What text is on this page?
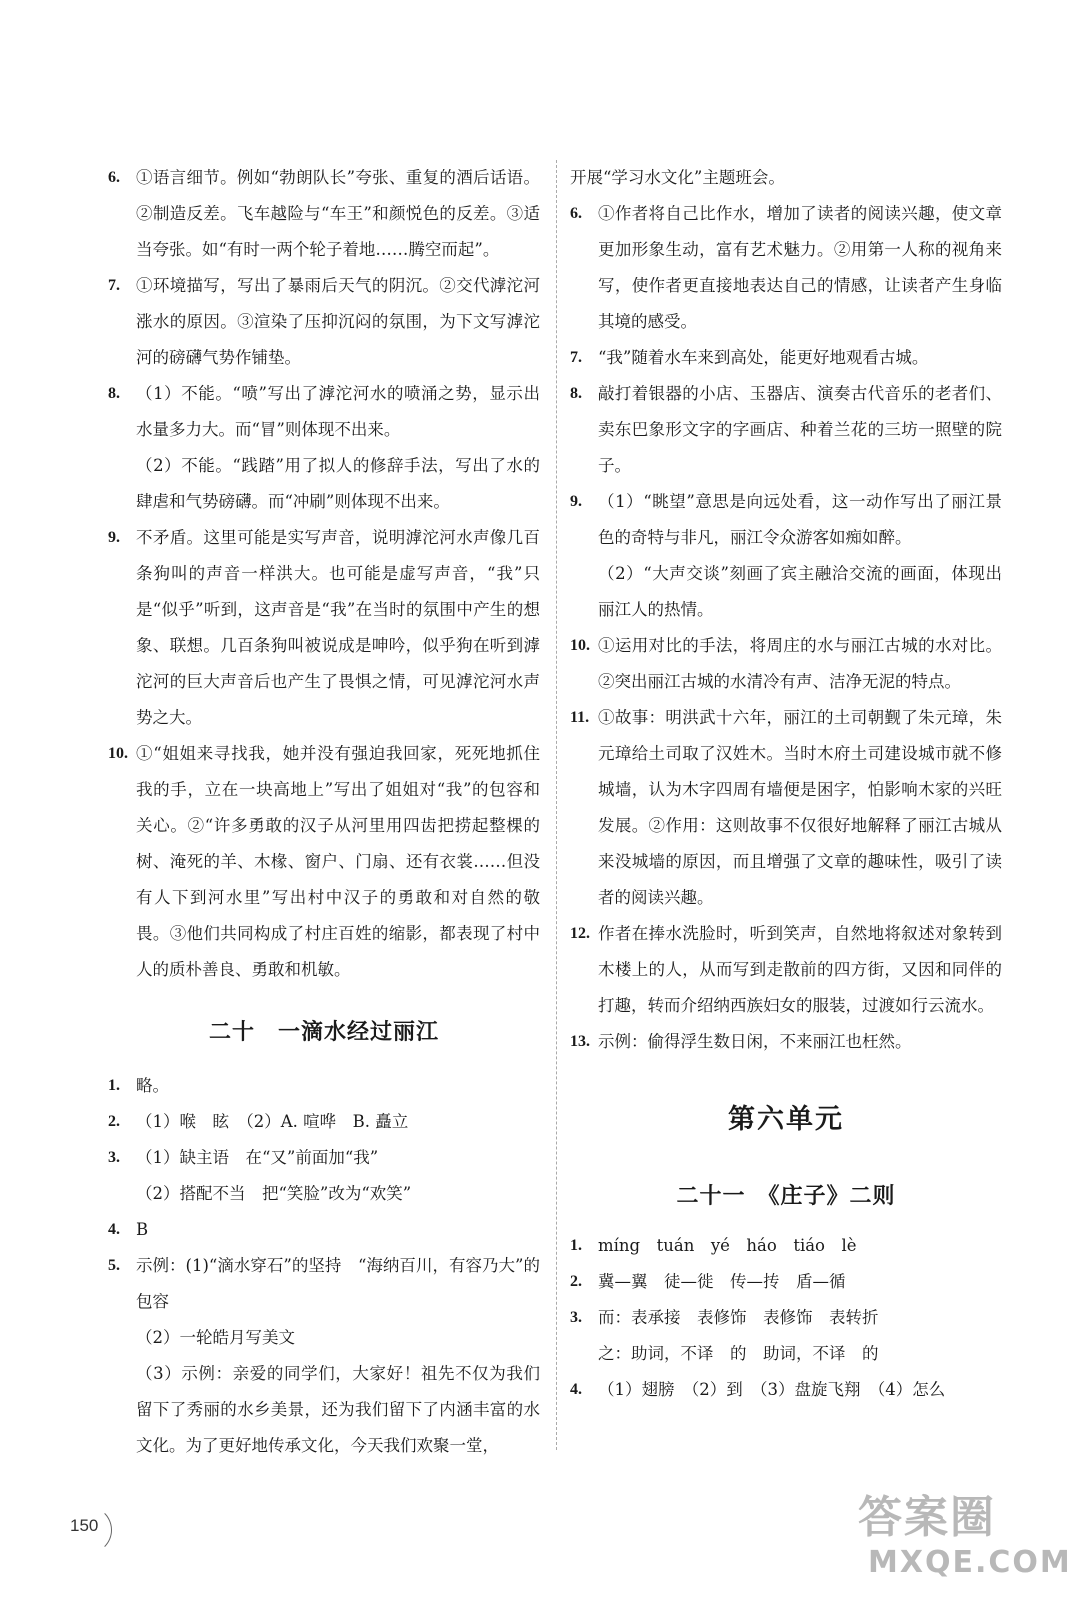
6. ①语言细节。例如“勃朗队长”夸张、重复的酒后话语。②制造反差。飞车越险与“车王”和颜悦色的反差。③适当夸张。如“有时一两个轮子着地……腾空而起”。
7. ①环境描写，写出了暴雨后天气的阴沉。②交代滹沱河涨水的原因。③渲染了压抑沉闷的氛围，为下文写滹沱河的磅礴气势作铺垫。
8. （1）不能。“喷”写出了滹沱河水的喷涌之势，显示出水量多力大。而“冒”则体现不出来。
（2）不能。“践踏”用了拟人的修辞手法，写出了水的肆虐和气势磅礴。而“冲刷”则体现不出来。
9. 不矛盾。这里可能是实写声音，说明滹沱河水声像几百条狗叫的声音一样洪大。也可能是虚写声音，“我”只是“似乎”听到，这声音是“我”在当时的氛围中产生的想象、联想。几百条狗叫被说成是呻吟，似乎狗在听到滹沱河的巨大声音后也产生了畏惧之情，可见滹沱河水声势之大。
10. ①“姐姐来寻找我，她并没有强迫我回家，死死地抓住我的手，立在一块高地上”写出了姐姐对“我”的包容和关心。②“许多勇敢的汉子从河里用四齿把捞起整棵的树、淹死的羊、木椽、窗户、门扇、还有衣裳……但没有人下到河水里”写出村中汉子的勇敢和对自然的敬畏。③他们共同构成了村庄百姓的缩影，都表现了村中人的质朴善良、勇敢和机敏。
二十　一滴水经过丽江
1. 略。
2. （1）喉　眩　（2）A. 喧哗　B. 矗立
3. （1）缺主语　在“又”前面加“我”
（2）搭配不当　把“笑脸”改为“欢笑”
4. B
5. 示例：(1)“滴水穿石”的坚持　“海纳百川，有容乃大”的包容
（2）一轮皓月写美文
（3）示例：亲爱的同学们，大家好！祖先不仅为我们留下了秀丽的水乡美景，还为我们留下了内涵丰富的水文化。为了更好地传承文化，今天我们欢聚一堂，
开展“学习水文化”主题班会。
6. ①作者将自己比作水，增加了读者的阅读兴趣，使文章更加形象生动，富有艺术魅力。②用第一人称的视角来写，使作者更直接地表达自己的情感，让读者产生身临其境的感受。
7. “我”随着水车来到高处，能更好地观看古城。
8. 敲打着银器的小店、玉器店、演奏古代音乐的老者们、卖东巴象形文字的字画店、种着兰花的三坊一照壁的院子。
9. （1）“眺望”意思是向远处看，这一动作写出了丽江景色的奇特与非凡，丽江令众游客如痴如醉。
（2）“大声交谈”刻画了宾主融洽交流的画面，体现出丽江人的热情。
10. ①运用对比的手法，将周庄的水与丽江古城的水对比。②突出丽江古城的水清冷有声、洁净无泥的特点。
11. ①故事：明洪武十六年，丽江的土司朝觐了朱元璋，朱元璋给土司取了汉姓木。当时木府土司建设城市就不修城墙，认为木字四周有墙便是困字，怕影响木家的兴旺发展。②作用：这则故事不仅很好地解释了丽江古城从来没城墙的原因，而且增强了文章的趣味性，吸引了读者的阅读兴趣。
12. 作者在捧水洗脸时，听到笑声，自然地将叙述对象转到木楼上的人，从而写到走散前的四方街，又因和同伴的打趣，转而介绍纳西族妇女的服装，过渡如行云流水。
13. 示例：偷得浮生数日闲，不来丽江也枉然。
第六单元
二十一　《庄子》二则
1. míng　tuán　yé　háo　tiáo　lè
2. 冀—翼　徒—徙　传—抟　盾—循
3. 而：表承接　表修饰　表修饰　表转折
之：助词，不译　的　助词，不译　的
4. （1）翅膀　（2）到　（3）盘旋飞翔　（4）怎么
150	答案圈
MXQE.COM
